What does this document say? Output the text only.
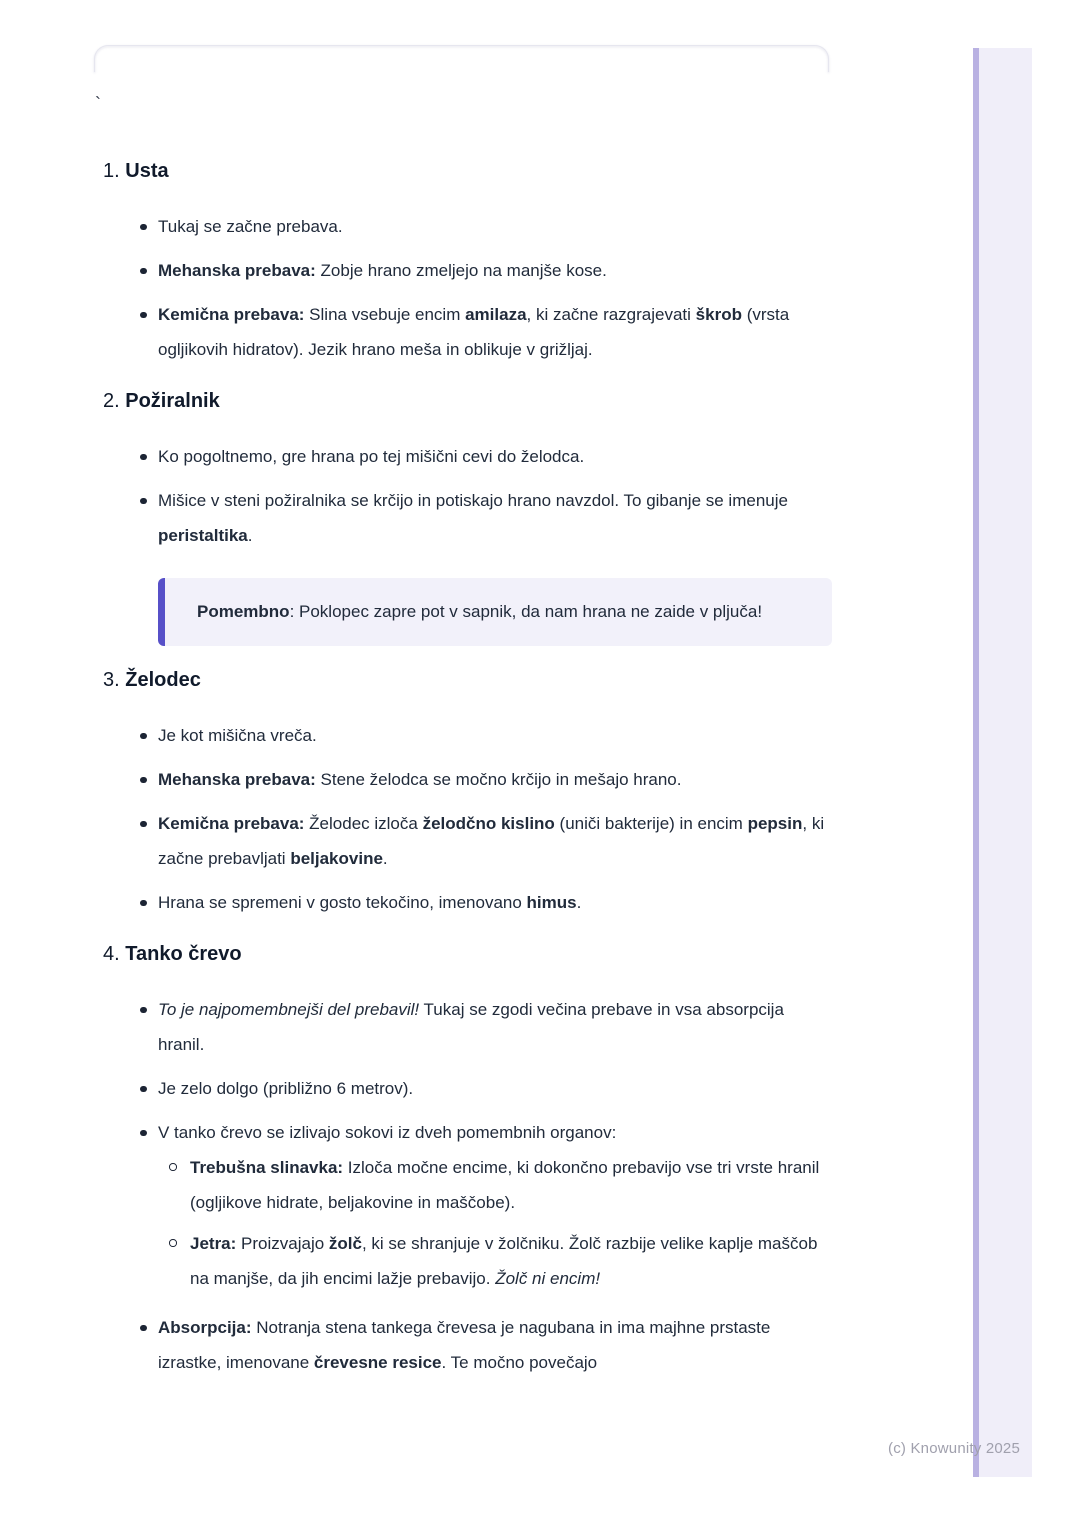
`
(c) Knowunity 2025
1. Usta
Tukaj se začne prebava.
Mehanska prebava: Zobje hrano zmeljejo na manjše kose.
Kemična prebava: Slina vsebuje encim amilaza, ki začne razgrajevati škrob (vrsta ogljikovih hidratov). Jezik hrano meša in oblikuje v grižljaj.
2. Požiralnik
Ko pogoltnemo, gre hrana po tej mišični cevi do želodca.
Mišice v steni požiralnika se krčijo in potiskajo hrano navzdol. To gibanje se imenuje peristaltika.
Pomembno: Poklopec zapre pot v sapnik, da nam hrana ne zaide v pljuča!
3. Želodec
Je kot mišična vreča.
Mehanska prebava: Stene želodca se močno krčijo in mešajo hrano.
Kemična prebava: Želodec izloča želodčno kislino (uniči bakterije) in encim pepsin, ki začne prebavljati beljakovine.
Hrana se spremeni v gosto tekočino, imenovano himus.
4. Tanko črevo
To je najpomembnejši del prebavil! Tukaj se zgodi večina prebave in vsa absorpcija hranil.
Je zelo dolgo (približno 6 metrov).
V tanko črevo se izlivajo sokovi iz dveh pomembnih organov:
Trebušna slinavka: Izloča močne encime, ki dokončno prebavijo vse tri vrste hranil (ogljikove hidrate, beljakovine in maščobe).
Jetra: Proizvajajo žolč, ki se shranjuje v žolčniku. Žolč razbije velike kaplje maščob na manjše, da jih encimi lažje prebavijo. Žolč ni encim!
Absorpcija: Notranja stena tankega črevesa je nagubana in ima majhne prstaste izrastke, imenovane črevesne resice. Te močno povečajo
